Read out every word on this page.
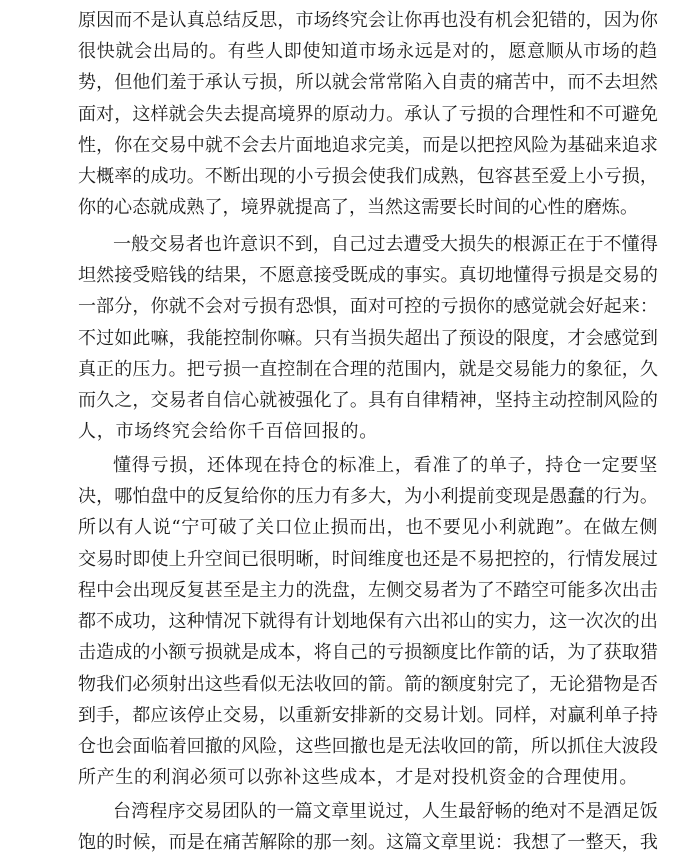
原因而不是认真总结反思，市场终究会让你再也没有机会犯错的，因为你
很快就会出局的。有些人即使知道市场永远是对的，愿意顺从市场的趋
势，但他们羞于承认亏损，所以就会常常陷入自责的痛苦中，而不去坦然
面对，这样就会失去提高境界的原动力。承认了亏损的合理性和不可避免
性，你在交易中就不会去片面地追求完美，而是以把控风险为基础来追求
大概率的成功。不断出现的小亏损会使我们成熟，包容甚至爱上小亏损，
你的心态就成熟了，境界就提高了，当然这需要长时间的心性的磨炼。
一般交易者也许意识不到，自己过去遭受大损失的根源正在于不懂得
坦然接受赔钱的结果，不愿意接受既成的事实。真切地懂得亏损是交易的
一部分，你就不会对亏损有恐惧，面对可控的亏损你的感觉就会好起来：
不过如此嘛，我能控制你嘛。只有当损失超出了预设的限度，才会感觉到
真正的压力。把亏损一直控制在合理的范围内，就是交易能力的象征，久
而久之，交易者自信心就被强化了。具有自律精神，坚持主动控制风险的
人，市场终究会给你千百倍回报的。
懂得亏损，还体现在持仓的标准上，看准了的单子，持仓一定要坚
决，哪怕盘中的反复给你的压力有多大，为小利提前变现是愚蠢的行为。
所以有人说“宁可破了关口位止损而出，也不要见小利就跑”。在做左侧
交易时即使上升空间已很明晰，时间维度也还是不易把控的，行情发展过
程中会出现反复甚至是主力的洗盘，左侧交易者为了不踏空可能多次出击
都不成功，这种情况下就得有计划地保有六出祁山的实力，这一次次的出
击造成的小额亏损就是成本，将自己的亏损额度比作箭的话，为了获取猎
物我们必须射出这些看似无法收回的箭。箭的额度射完了，无论猎物是否
到手，都应该停止交易，以重新安排新的交易计划。同样，对赢利单子持
仓也会面临着回撤的风险，这些回撤也是无法收回的箭，所以抓住大波段
所产生的利润必须可以弥补这些成本，才是对投机资金的合理使用。
台湾程序交易团队的一篇文章里说过，人生最舒畅的绝对不是酒足饭
饱的时候，而是在痛苦解除的那一刻。这篇文章里说：我想了一整天，我
